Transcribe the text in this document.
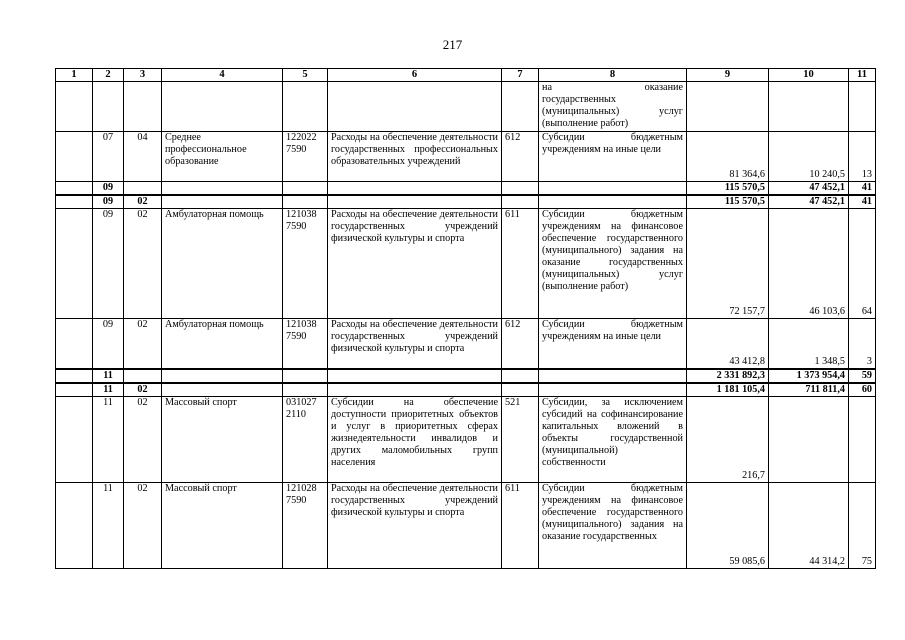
217
1	2	3	4	5	6	7	8	9	10	11

							на оказание
государственных
(муниципальных) услуг
(выполнение работ)			

	07	04	Среднее профессиональное образование	122022
7590	Расходы на обеспечение деятельности государственных профессиональных образовательных учреждений	612	Субсидии бюджетным учреждениям на иные цели	81 364,6	10 240,5	13
	09							115 570,5	47 452,1	41
	09	02						115 570,5	47 452,1	41
	09	02	Амбулаторная помощь	121038
7590	Расходы на обеспечение деятельности государственных учреждений физической культуры и спорта	611	Субсидии бюджетным учреждениям на финансовое обеспечение государственного (муниципального) задания на оказание государственных (муниципальных) услуг (выполнение работ)	72 157,7	46 103,6	64
	09	02	Амбулаторная помощь	121038
7590	Расходы на обеспечение деятельности государственных учреждений физической культуры и спорта	612	Субсидии бюджетным учреждениям на иные цели	43 412,8	1 348,5	3
	11							2 331 892,3	1 373 954,4	59
	11	02						1 181 105,4	711 811,4	60
	11	02	Массовый спорт	031027
2110	Субсидии на обеспечение доступности приоритетных объектов и услуг в приоритетных сферах жизнедеятельности инвалидов и других маломобильных групп населения	521	Субсидии, за исключением субсидий на софинансирование капитальных вложений в объекты государственной (муниципальной) собственности	216,7		
	11	02	Массовый спорт	121028
7590	Расходы на обеспечение деятельности государственных учреждений физической культуры и спорта	611	Субсидии бюджетным учреждениям на финансовое обеспечение государственного (муниципального) задания на оказание государственных	59 085,6	44 314,2	75
